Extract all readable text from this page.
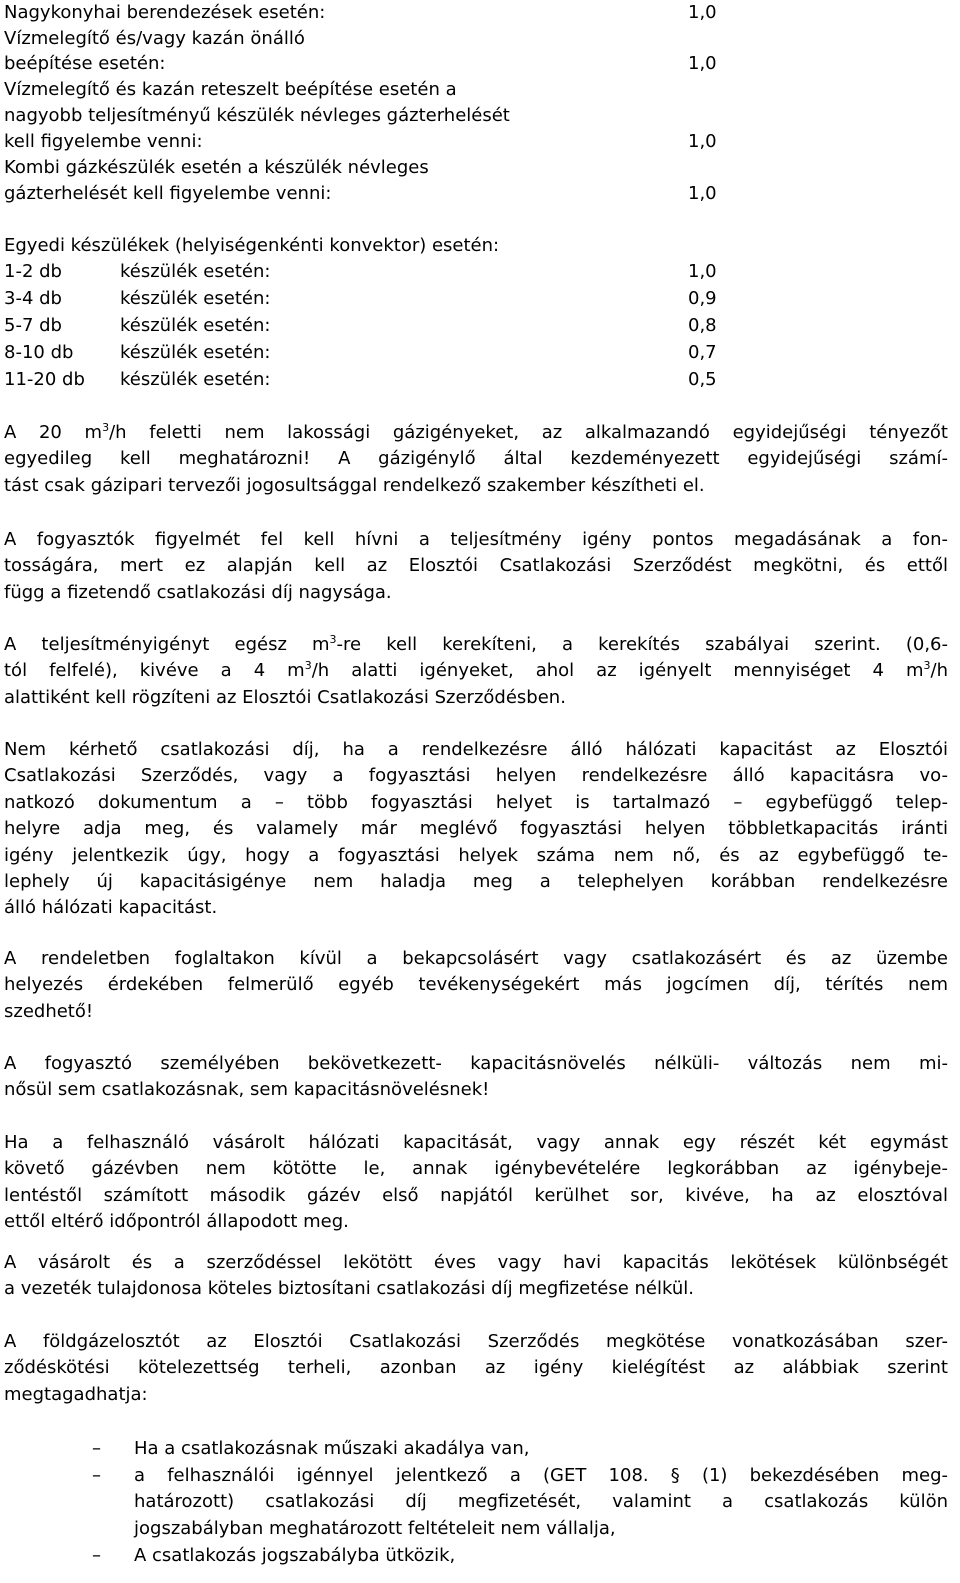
Nagykonyhai berendezések esetén:	1,0
Vízmelegítő és/vagy kazán önálló
beépítése esetén:	1,0
Vízmelegítő és kazán reteszelt beépítése esetén a
nagyobb teljesítményű készülék névleges gázterhelését
kell figyelembe venni:	1,0
Kombi gázkészülék esetén a készülék névleges
gázterhelését kell figyelembe venni:	1,0
Egyedi készülékek (helyiségenkénti konvektor) esetén:
1-2 db	készülék esetén:	1,0
3-4 db	készülék esetén:	0,9
5-7 db	készülék esetén:	0,8
8-10 db	készülék esetén:	0,7
11-20 db készülék esetén:	0,5
A 20 $m^3/h$ feletti nem lakossági gázigényeket, az alkalmazandó egyidejűségi tényezőt
egyedileg kell meghatározni! A gázigénylő által kezdeményezett egyidejűségi számí-
tást csak gázipari tervezői jogosultsággal rendelkező szakember készítheti el.
A fogyasztók figyelmét fel kell hívni a teljesítmény igény pontos megadásának a fon-
tosságára, mert ez alapján kell az Elosztói Csatlakozási Szerződést megkötni, és ettől
függ a fizetendő csatlakozási díj nagysága.
A teljesítményigényt egész $m^3-re$ kell kerekíteni, a kerekítés szabályai szerint. (0,6-
tól felfelé), kivéve a 4 $m^3/h$ alatti igényeket, ahol az igényelt mennyiséget 4 $m^3/h$
alattiként kell rögzíteni az Elosztói Csatlakozási Szerződésben.
Nem kérhető csatlakozási díj, ha a rendelkezésre álló hálózati kapacitást az Elosztói
Csatlakozási Szerződés, vagy a fogyasztási helyen rendelkezésre álló kapacitásra vo-
natkozó dokumentum a – több fogyasztási helyet is tartalmazó – egybefüggő telep-
helyre adja meg, és valamely már meglévő fogyasztási helyen többletkapacitás iránti
igény jelentkezik úgy, hogy a fogyasztási helyek száma nem nő, és az egybefüggő te-
lephely új kapacitásigénye nem haladja meg a telephelyen korábban rendelkezésre
álló hálózati kapacitást.
A rendeletben foglaltakon kívül a bekapcsolásért vagy csatlakozásért és az üzembe
helyezés érdekében felmerülő egyéb tevékenységekért más jogcímen díj, térítés nem
szedhető!
A fogyasztó személyében bekövetkezett- kapacitásnövelés nélküli- változás nem mi-
nősül sem csatlakozásnak, sem kapacitásnövelésnek!
Ha a felhasználó vásárolt hálózati kapacitását, vagy annak egy részét két egymást
követő gázévben nem kötötte le, annak igénybevételére legkorábban az igénybeje-
lentéstől számított második gázév első napjától kerülhet sor, kivéve, ha az elosztóval
ettől eltérő időpontról állapodott meg.
A vásárolt és a szerződéssel lekötött éves vagy havi kapacitás lekötések különbségét
a vezeték tulajdonosa köteles biztosítani csatlakozási díj megfizetése nélkül.
A földgázelosztót az Elosztói Csatlakozási Szerződés megkötése vonatkozásában szer-
ződéskötési kötelezettség terheli, azonban az igény kielégítést az alábbiak szerint
megtagadhatja:
– Ha a csatlakozásnak műszaki akadálya van,
– a felhasználói igénnyel jelentkező a (GET 108. § (1) bekezdésében meg-
határozott) csatlakozási díj megfizetését, valamint a csatlakozás külön
jogszabályban meghatározott feltételeit nem vállalja,
– A csatlakozás jogszabályba ütközik,
